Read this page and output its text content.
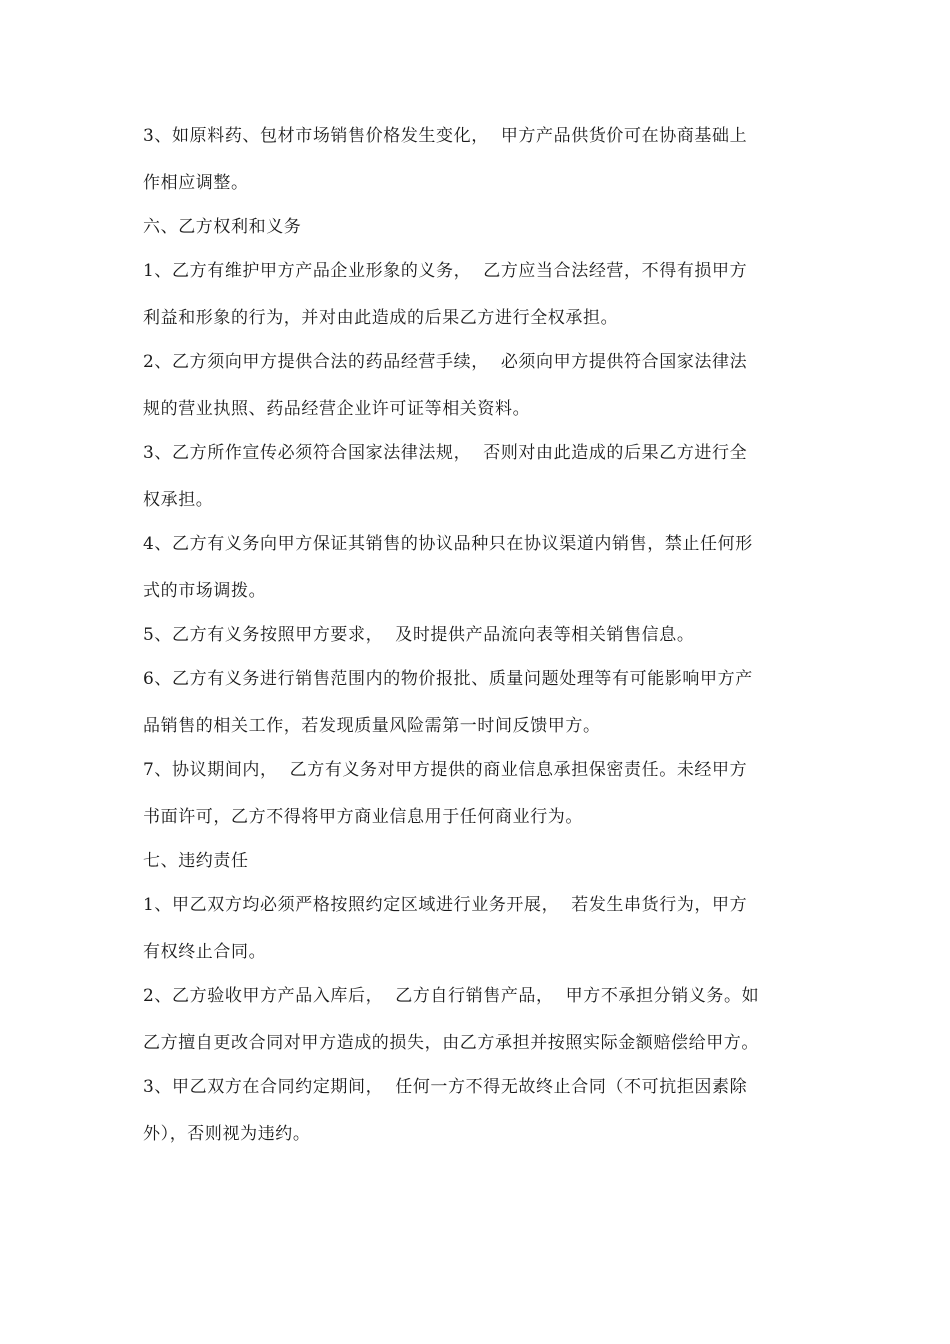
3、如原料药、包材市场销售价格发生变化，  甲方产品供货价可在协商基础上
作相应调整。
六、乙方权利和义务
1、乙方有维护甲方产品企业形象的义务，  乙方应当合法经营，不得有损甲方
利益和形象的行为，并对由此造成的后果乙方进行全权承担。
2、乙方须向甲方提供合法的药品经营手续，  必须向甲方提供符合国家法律法
规的营业执照、药品经营企业许可证等相关资料。
3、乙方所作宣传必须符合国家法律法规，  否则对由此造成的后果乙方进行全
权承担。
4、乙方有义务向甲方保证其销售的协议品种只在协议渠道内销售，禁止任何形
式的市场调拨。
5、乙方有义务按照甲方要求，  及时提供产品流向表等相关销售信息。
6、乙方有义务进行销售范围内的物价报批、质量问题处理等有可能影响甲方产
品销售的相关工作，若发现质量风险需第一时间反馈甲方。
7、协议期间内，  乙方有义务对甲方提供的商业信息承担保密责任。未经甲方
书面许可，乙方不得将甲方商业信息用于任何商业行为。
七、违约责任
1、甲乙双方均必须严格按照约定区域进行业务开展，  若发生串货行为，甲方
有权终止合同。
2、乙方验收甲方产品入库后，  乙方自行销售产品，  甲方不承担分销义务。如
乙方擅自更改合同对甲方造成的损失，由乙方承担并按照实际金额赔偿给甲方。
3、甲乙双方在合同约定期间，  任何一方不得无故终止合同（不可抗拒因素除
外），否则视为违约。
